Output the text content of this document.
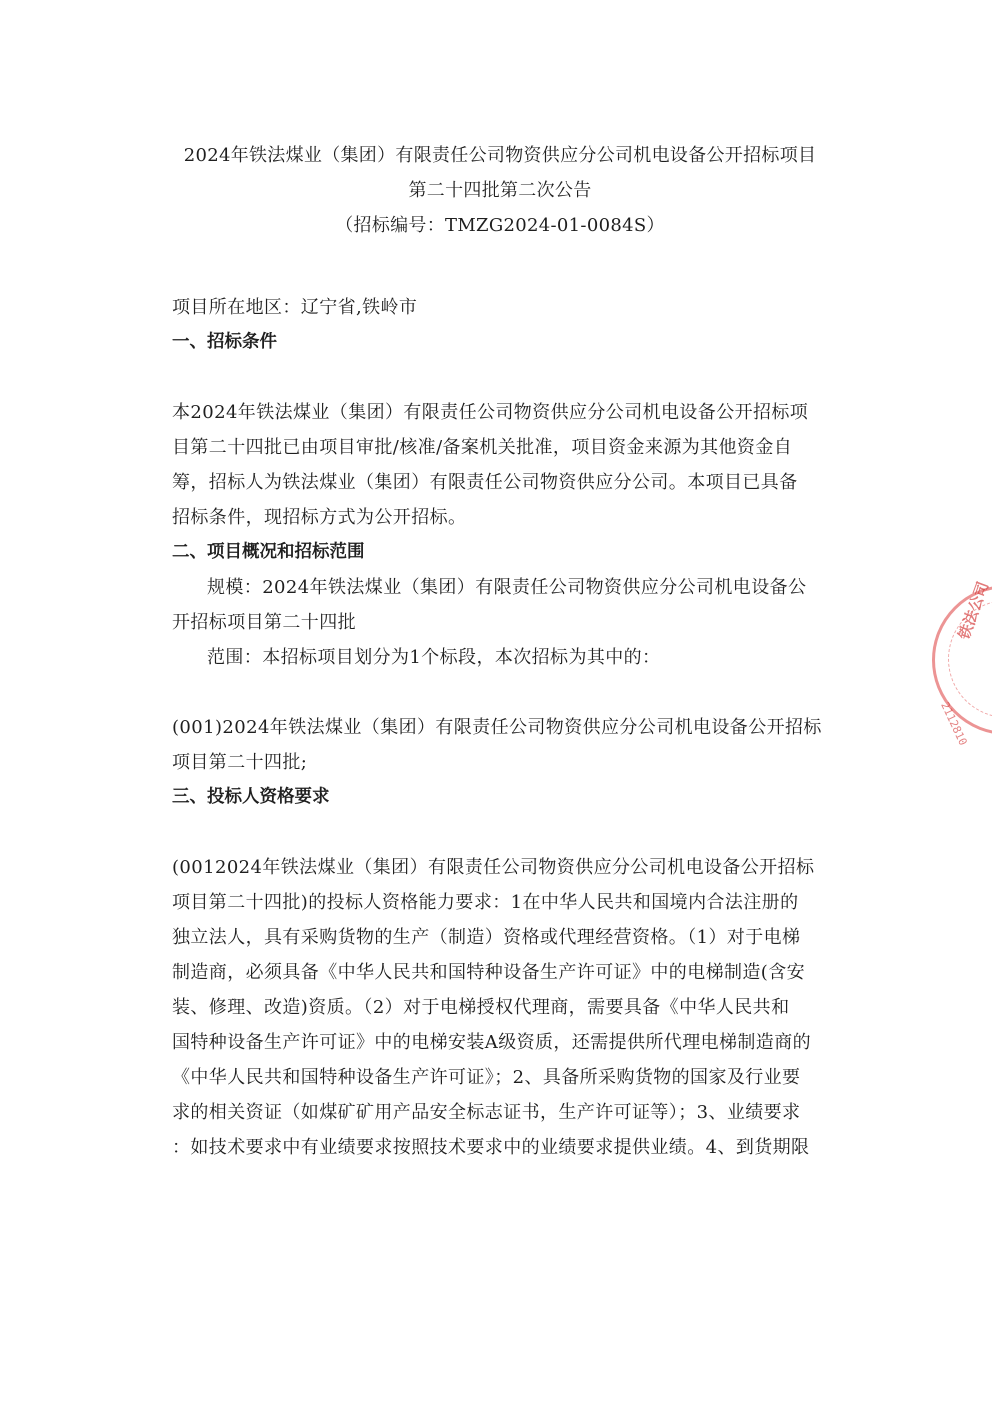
2024年铁法煤业（集团）有限责任公司物资供应分公司机电设备公开招标项目
第二十四批第二次公告
（招标编号：TMZG2024-01-0084S）

项目所在地区：辽宁省,铁岭市

一、招标条件

本2024年铁法煤业（集团）有限责任公司物资供应分公司机电设备公开招标项

目第二十四批已由项目审批/核准/备案机关批准，项目资金来源为其他资金自

筹，招标人为铁法煤业（集团）有限责任公司物资供应分公司。本项目已具备

招标条件，现招标方式为公开招标。

二、项目概况和招标范围

规模：2024年铁法煤业（集团）有限责任公司物资供应分公司机电设备公

开招标项目第二十四批

范围：本招标项目划分为1个标段，本次招标为其中的：

(001)2024年铁法煤业（集团）有限责任公司物资供应分公司机电设备公开招标

项目第二十四批;

三、投标人资格要求

(0012024年铁法煤业（集团）有限责任公司物资供应分公司机电设备公开招标

项目第二十四批)的投标人资格能力要求：1在中华人民共和国境内合法注册的

独立法人，具有采购货物的生产（制造）资格或代理经营资格。（1）对于电梯

制造商，必须具备《中华人民共和国特种设备生产许可证》中的电梯制造(含安

装、修理、改造)资质。（2）对于电梯授权代理商，需要具备《中华人民共和

国特种设备生产许可证》中的电梯安装A级资质，还需提供所代理电梯制造商的

《中华人民共和国特种设备生产许可证》；2、具备所采购货物的国家及行业要

求的相关资证（如煤矿矿用产品安全标志证书，生产许可证等）；3、业绩要求

：如技术要求中有业绩要求按照技术要求中的业绩要求提供业绩。4、到货期限

铁法公司
2112810
